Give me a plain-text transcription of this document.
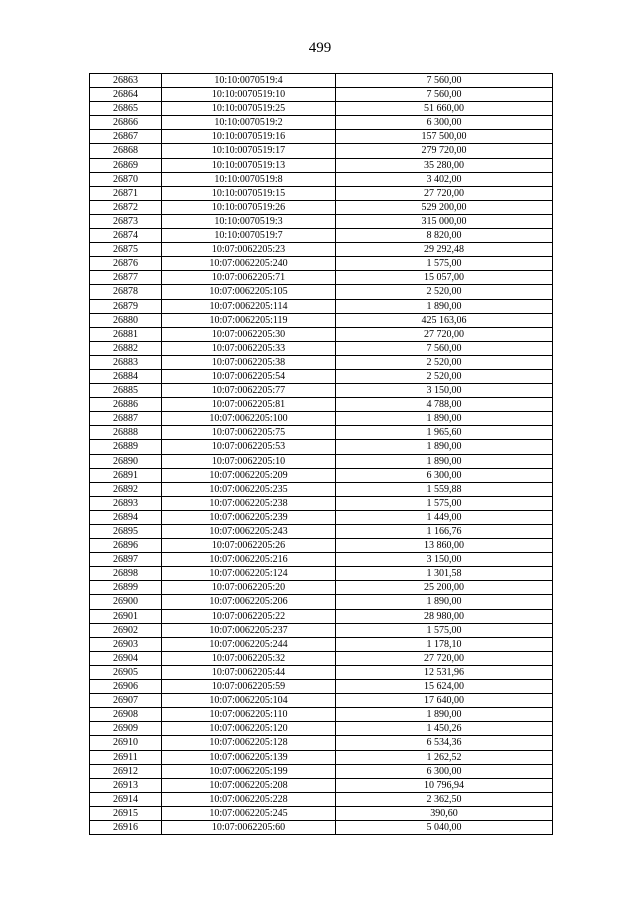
499
26863	10:10:0070519:4	7 560,00
26864	10:10:0070519:10	7 560,00
26865	10:10:0070519:25	51 660,00
26866	10:10:0070519:2	6 300,00
26867	10:10:0070519:16	157 500,00
26868	10:10:0070519:17	279 720,00
26869	10:10:0070519:13	35 280,00
26870	10:10:0070519:8	3 402,00
26871	10:10:0070519:15	27 720,00
26872	10:10:0070519:26	529 200,00
26873	10:10:0070519:3	315 000,00
26874	10:10:0070519:7	8 820,00
26875	10:07:0062205:23	29 292,48
26876	10:07:0062205:240	1 575,00
26877	10:07:0062205:71	15 057,00
26878	10:07:0062205:105	2 520,00
26879	10:07:0062205:114	1 890,00
26880	10:07:0062205:119	425 163,06
26881	10:07:0062205:30	27 720,00
26882	10:07:0062205:33	7 560,00
26883	10:07:0062205:38	2 520,00
26884	10:07:0062205:54	2 520,00
26885	10:07:0062205:77	3 150,00
26886	10:07:0062205:81	4 788,00
26887	10:07:0062205:100	1 890,00
26888	10:07:0062205:75	1 965,60
26889	10:07:0062205:53	1 890,00
26890	10:07:0062205:10	1 890,00
26891	10:07:0062205:209	6 300,00
26892	10:07:0062205:235	1 559,88
26893	10:07:0062205:238	1 575,00
26894	10:07:0062205:239	1 449,00
26895	10:07:0062205:243	1 166,76
26896	10:07:0062205:26	13 860,00
26897	10:07:0062205:216	3 150,00
26898	10:07:0062205:124	1 301,58
26899	10:07:0062205:20	25 200,00
26900	10:07:0062205:206	1 890,00
26901	10:07:0062205:22	28 980,00
26902	10:07:0062205:237	1 575,00
26903	10:07:0062205:244	1 178,10
26904	10:07:0062205:32	27 720,00
26905	10:07:0062205:44	12 531,96
26906	10:07:0062205:59	15 624,00
26907	10:07:0062205:104	17 640,00
26908	10:07:0062205:110	1 890,00
26909	10:07:0062205:120	1 450,26
26910	10:07:0062205:128	6 534,36
26911	10:07:0062205:139	1 262,52
26912	10:07:0062205:199	6 300,00
26913	10:07:0062205:208	10 796,94
26914	10:07:0062205:228	2 362,50
26915	10:07:0062205:245	390,60
26916	10:07:0062205:60	5 040,00
